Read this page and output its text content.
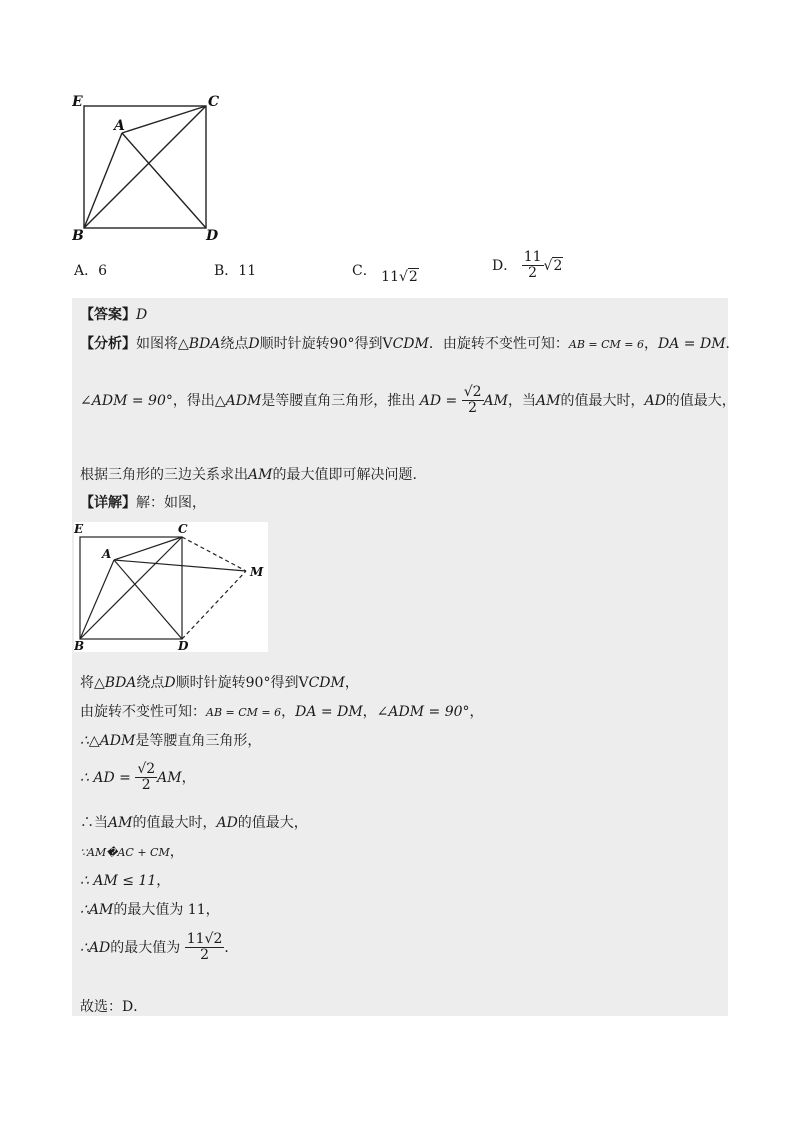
E	C
A
B	D
A．6	B．11	C． 11√2
D． $\frac{11}{2} √2$
【答案】D
【分析】如图将△BDA绕点D顺时针旋转90°得到VCDM．由旋转不变性可知：AB = CM = 6，DA = DM．
∠ADM = 90°，得出△ADM是等腰直角三角形，推出 AD = $\frac{√2}{2}$ AM，当AM的值最大时，AD的值最大，
根据三角形的三边关系求出AM的最大值即可解决问题.
【详解】解：如图，
E	C
A
M
B	D
将△BDA绕点D顺时针旋转90°得到VCDM，
由旋转不变性可知：AB = CM = 6，DA = DM，∠ADM = 90°，
∴△ADM是等腰直角三角形，
∴ AD = $\frac{√2}{2}$ AM，
∴当AM的值最大时，AD的值最大，
∵AM�AC + CM，
∴ AM ≤ 11，
∴AM的最大值为 11，
∴AD的最大值为 $\frac{11√2}{2}$ ．
故选：D．
